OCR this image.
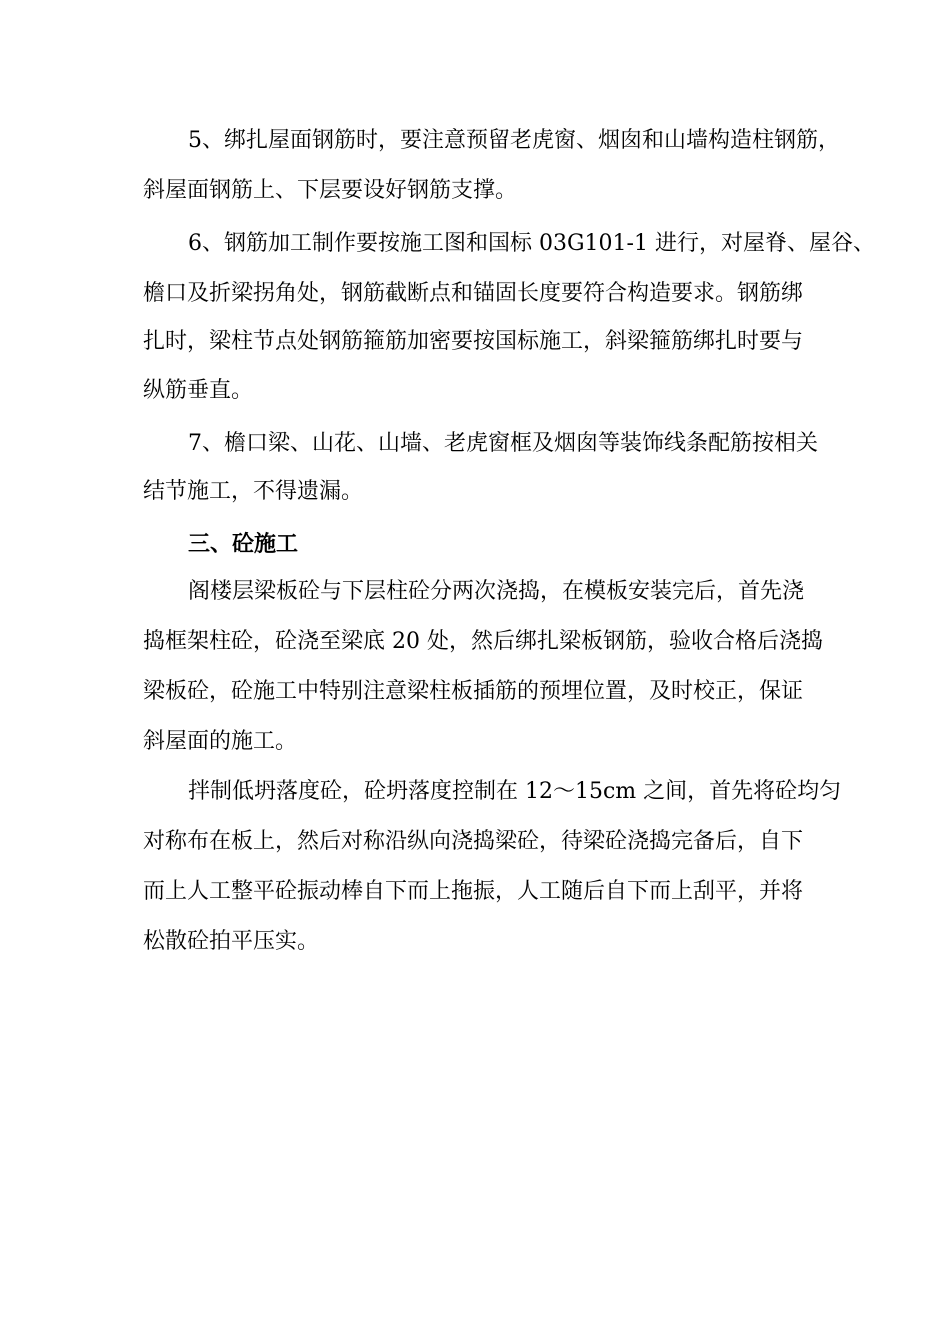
5、绑扎屋面钢筋时，要注意预留老虎窗、烟囱和山墙构造柱钢筋，
斜屋面钢筋上、下层要设好钢筋支撑。
6、钢筋加工制作要按施工图和国标 03G101-1 进行，对屋脊、屋谷、
檐口及折梁拐角处，钢筋截断点和锚固长度要符合构造要求。钢筋绑
扎时，梁柱节点处钢筋箍筋加密要按国标施工，斜梁箍筋绑扎时要与
纵筋垂直。
7、檐口梁、山花、山墙、老虎窗框及烟囱等装饰线条配筋按相关
结节施工，不得遗漏。
三、砼施工
阁楼层梁板砼与下层柱砼分两次浇捣，在模板安装完后，首先浇
捣框架柱砼，砼浇至梁底 20 处，然后绑扎梁板钢筋，验收合格后浇捣
梁板砼，砼施工中特别注意梁柱板插筋的预埋位置，及时校正，保证
斜屋面的施工。
拌制低坍落度砼，砼坍落度控制在 12～15cm 之间，首先将砼均匀
对称布在板上，然后对称沿纵向浇捣梁砼，待梁砼浇捣完备后，自下
而上人工整平砼振动棒自下而上拖振，人工随后自下而上刮平，并将
松散砼拍平压实。
